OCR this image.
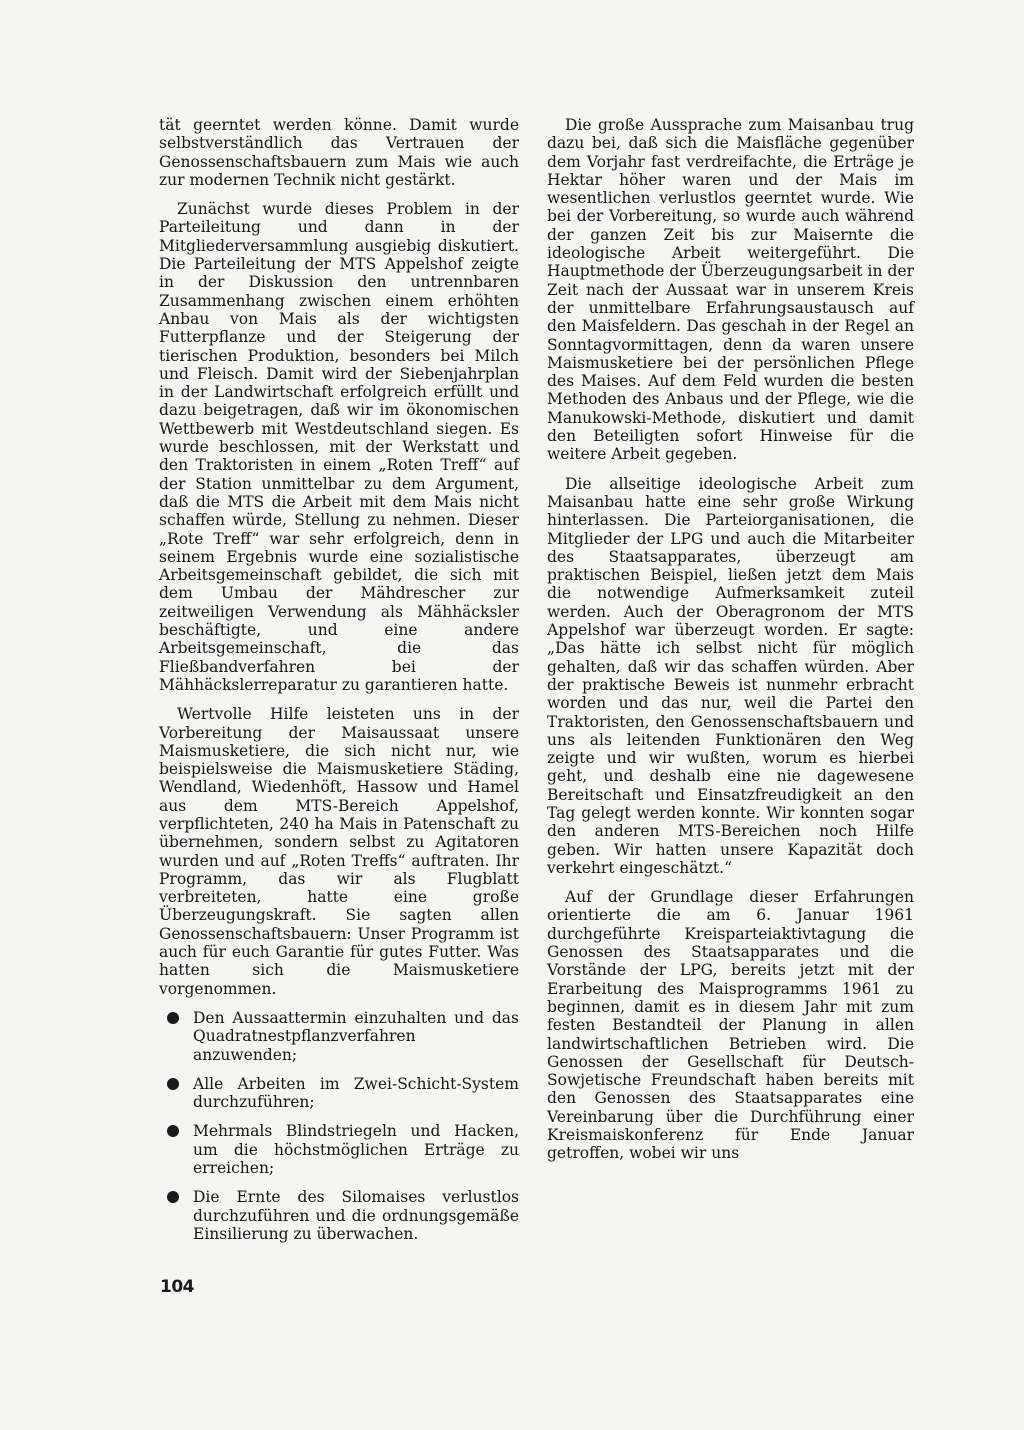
tät geerntet werden könne. Damit wurde selbstverständlich das Vertrauen der Genossenschaftsbauern zum Mais wie auch zur modernen Technik nicht gestärkt.

Zunächst wurde dieses Problem in der Parteileitung und dann in der Mitgliederversammlung ausgiebig diskutiert. Die Parteileitung der MTS Appelshof zeigte in der Diskussion den untrennbaren Zusammenhang zwischen einem erhöhten Anbau von Mais als der wichtigsten Futterpflanze und der Steigerung der tierischen Produktion, besonders bei Milch und Fleisch. Damit wird der Siebenjahrplan in der Landwirtschaft erfolgreich erfüllt und dazu beigetragen, daß wir im ökonomischen Wettbewerb mit Westdeutschland siegen. Es wurde beschlossen, mit der Werkstatt und den Traktoristen in einem „Roten Treff“ auf der Station unmittelbar zu dem Argument, daß die MTS die Arbeit mit dem Mais nicht schaffen würde, Stellung zu nehmen. Dieser „Rote Treff“ war sehr erfolgreich, denn in seinem Ergebnis wurde eine sozialistische Arbeitsgemeinschaft gebildet, die sich mit dem Umbau der Mähdrescher zur zeitweiligen Verwendung als Mähhäcksler beschäftigte, und eine andere Arbeitsgemeinschaft, die das Fließbandverfahren bei der Mähhäckslerreparatur zu garantieren hatte.

Wertvolle Hilfe leisteten uns in der Vorbereitung der Maisaussaat unsere Maismusketiere, die sich nicht nur, wie beispielsweise die Maismusketiere Städing, Wendland, Wiedenhöft, Hassow und Hamel aus dem MTS-Bereich Appelshof, verpflichteten, 240 ha Mais in Patenschaft zu übernehmen, sondern selbst zu Agitatoren wurden und auf „Roten Treffs“ auftraten. Ihr Programm, das wir als Flugblatt verbreiteten, hatte eine große Überzeugungskraft. Sie sagten allen Genossenschaftsbauern: Unser Programm ist auch für euch Garantie für gutes Futter. Was hatten sich die Maismusketiere vorgenommen.

Den Aussaattermin einzuhalten und das Quadratnestpflanzverfahren anzuwenden;
Alle Arbeiten im Zwei-Schicht-System durchzuführen;
Mehrmals Blindstriegeln und Hacken, um die höchstmöglichen Erträge zu erreichen;
Die Ernte des Silomaises verlustlos durchzuführen und die ordnungsgemäße Einsilierung zu überwachen.

Die große Aussprache zum Maisanbau trug dazu bei, daß sich die Maisfläche gegenüber dem Vorjahr fast verdreifachte, die Erträge je Hektar höher waren und der Mais im wesentlichen verlustlos geerntet wurde. Wie bei der Vorbereitung, so wurde auch während der ganzen Zeit bis zur Maisernte die ideologische Arbeit weitergeführt. Die Hauptmethode der Überzeugungsarbeit in der Zeit nach der Aussaat war in unserem Kreis der unmittelbare Erfahrungsaustausch auf den Maisfeldern. Das geschah in der Regel an Sonntagvormittagen, denn da waren unsere Maismusketiere bei der persönlichen Pflege des Maises. Auf dem Feld wurden die besten Methoden des Anbaus und der Pflege, wie die Manukowski-Methode, diskutiert und damit den Beteiligten sofort Hinweise für die weitere Arbeit gegeben.

Die allseitige ideologische Arbeit zum Maisanbau hatte eine sehr große Wirkung hinterlassen. Die Parteiorganisationen, die Mitglieder der LPG und auch die Mitarbeiter des Staatsapparates, überzeugt am praktischen Beispiel, ließen jetzt dem Mais die notwendige Aufmerksamkeit zuteil werden. Auch der Oberagronom der MTS Appelshof war überzeugt worden. Er sagte: „Das hätte ich selbst nicht für möglich gehalten, daß wir das schaffen würden. Aber der praktische Beweis ist nunmehr erbracht worden und das nur, weil die Partei den Traktoristen, den Genossenschaftsbauern und uns als leitenden Funktionären den Weg zeigte und wir wußten, worum es hierbei geht, und deshalb eine nie dagewesene Bereitschaft und Einsatzfreudigkeit an den Tag gelegt werden konnte. Wir konnten sogar den anderen MTS-Bereichen noch Hilfe geben. Wir hatten unsere Kapazität doch verkehrt eingeschätzt.“

Auf der Grundlage dieser Erfahrungen orientierte die am 6. Januar 1961 durchgeführte Kreisparteiaktivtagung die Genossen des Staatsapparates und die Vorstände der LPG, bereits jetzt mit der Erarbeitung des Maisprogramms 1961 zu beginnen, damit es in diesem Jahr mit zum festen Bestandteil der Planung in allen landwirtschaftlichen Betrieben wird. Die Genossen der Gesellschaft für Deutsch-Sowjetische Freundschaft haben bereits mit den Genossen des Staatsapparates eine Vereinbarung über die Durchführung einer Kreismaiskonferenz für Ende Januar getroffen, wobei wir uns

104
